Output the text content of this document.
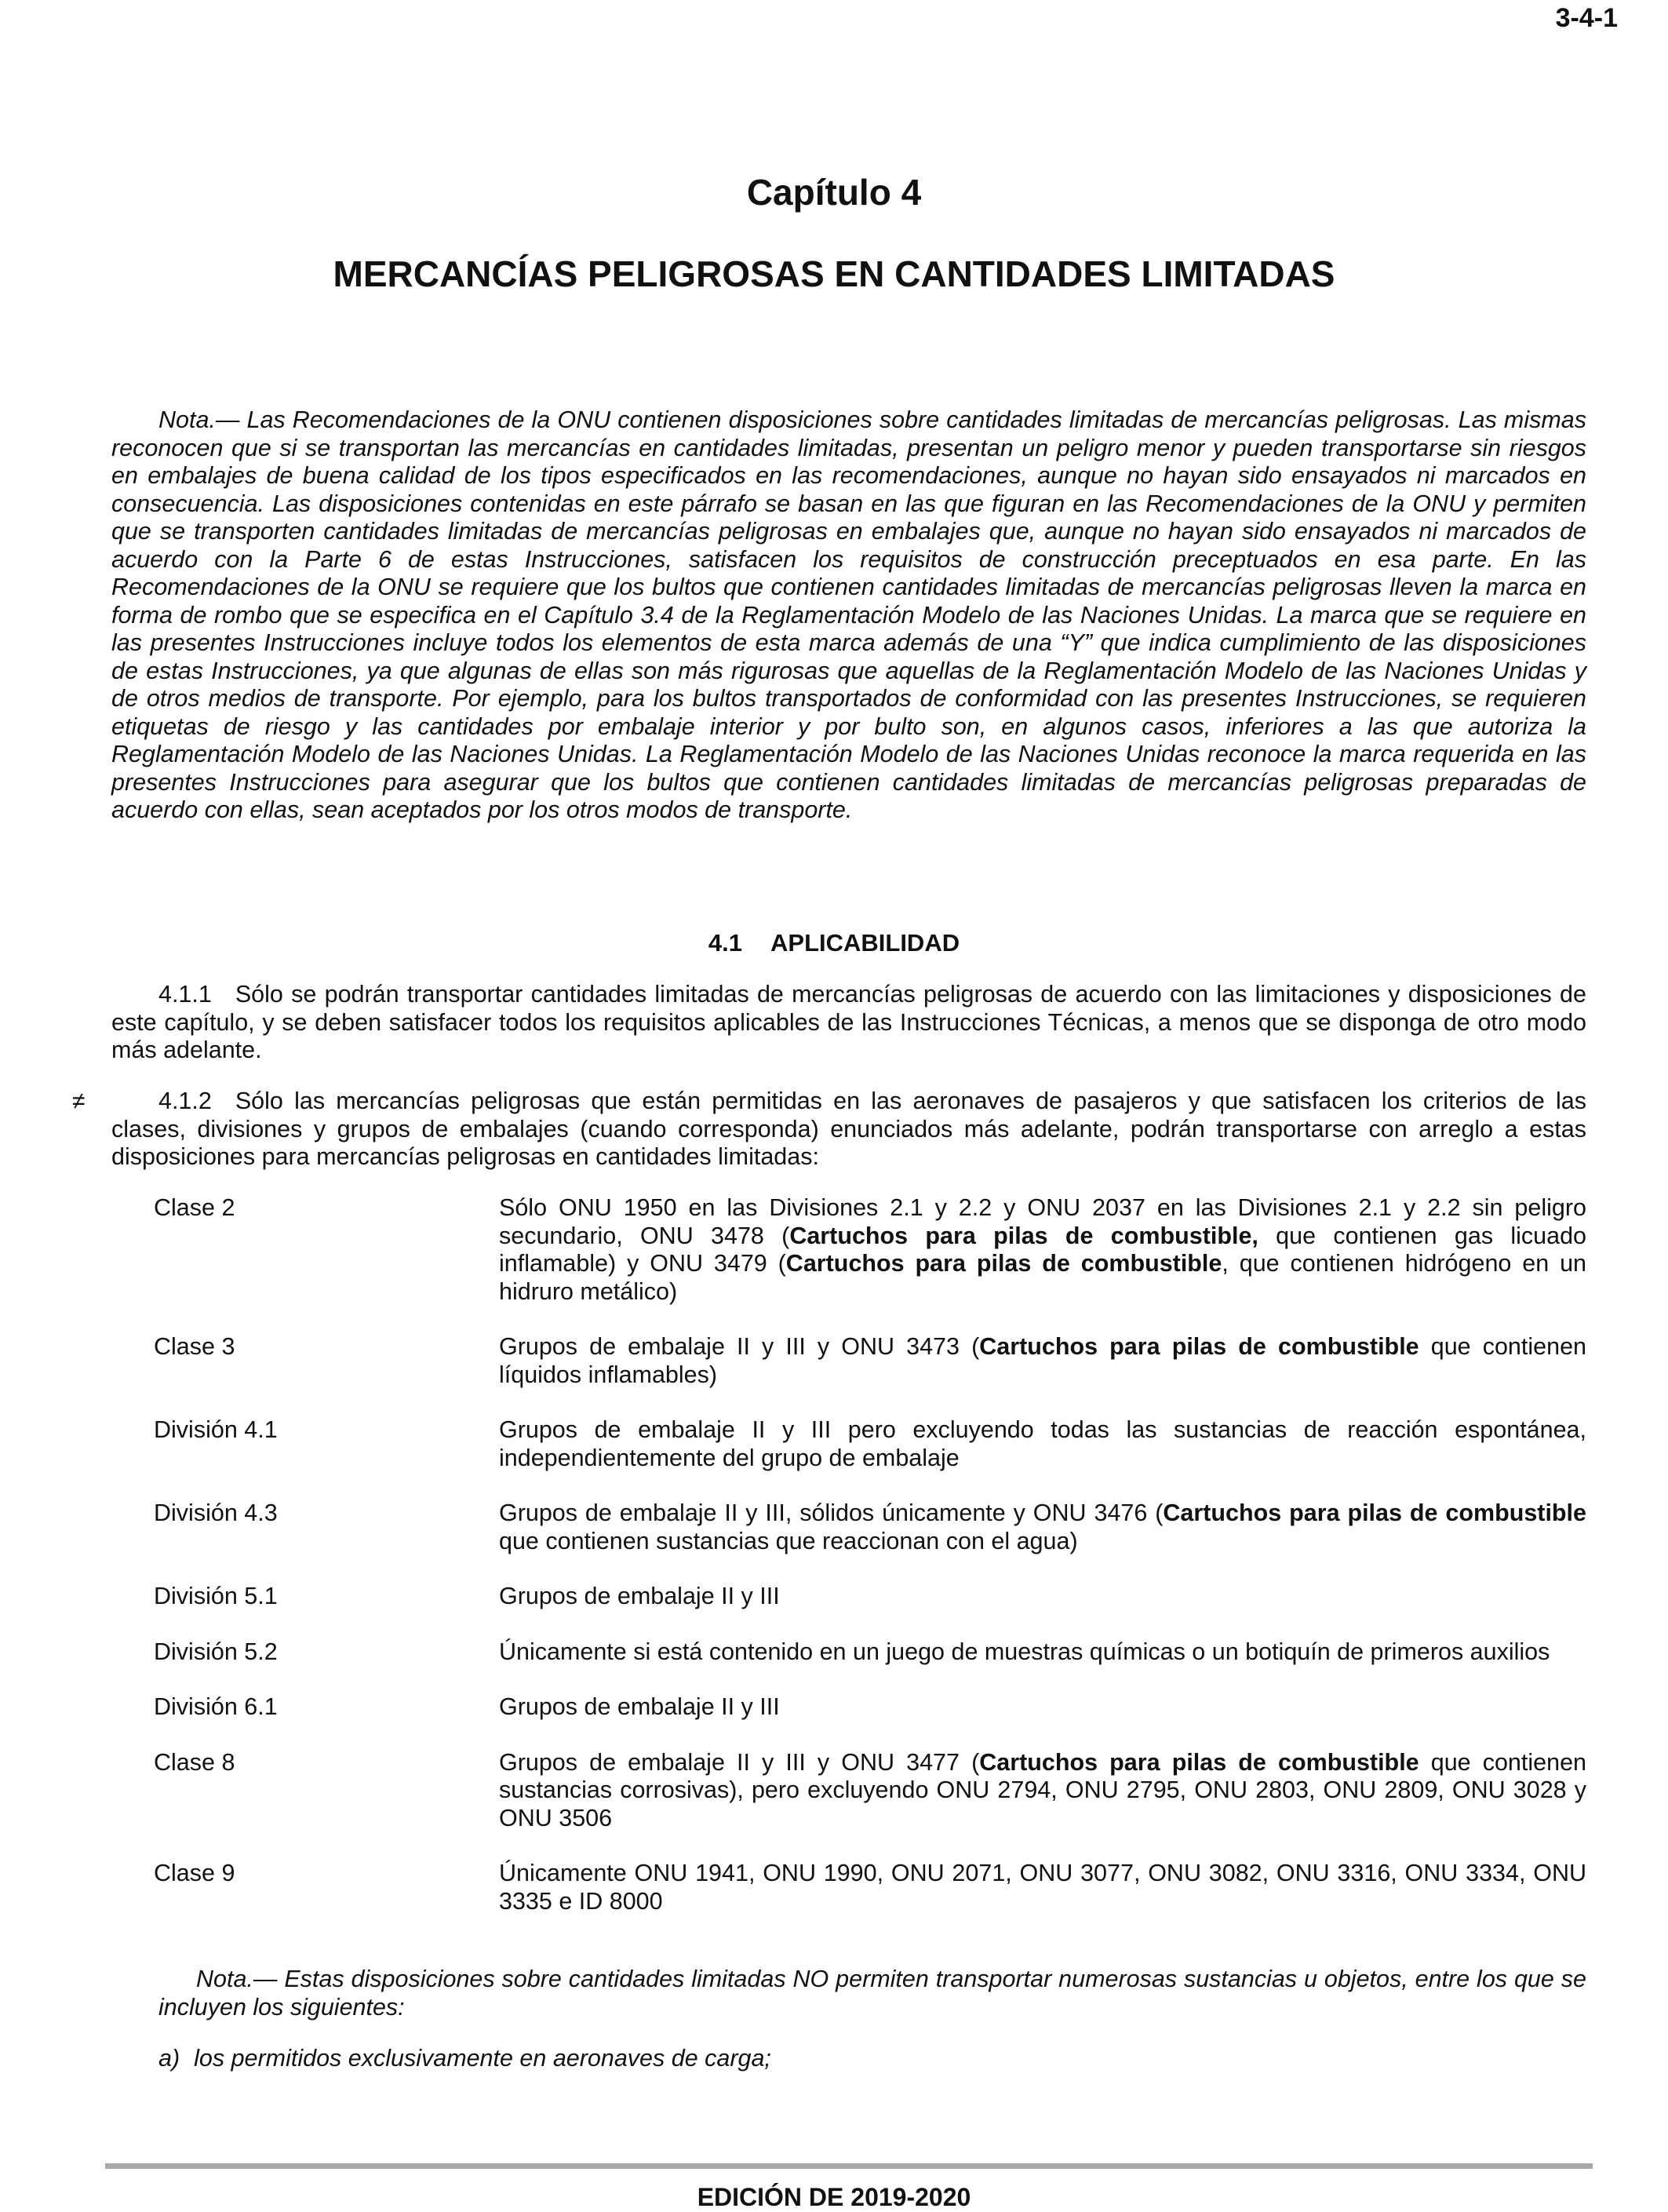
3-4-1
Capítulo 4
MERCANCÍAS PELIGROSAS EN CANTIDADES LIMITADAS
Nota.— Las Recomendaciones de la ONU contienen disposiciones sobre cantidades limitadas de mercancías peligrosas. Las mismas reconocen que si se transportan las mercancías en cantidades limitadas, presentan un peligro menor y pueden transportarse sin riesgos en embalajes de buena calidad de los tipos especificados en las recomendaciones, aunque no hayan sido ensayados ni marcados en consecuencia. Las disposiciones contenidas en este párrafo se basan en las que figuran en las Recomendaciones de la ONU y permiten que se transporten cantidades limitadas de mercancías peligrosas en embalajes que, aunque no hayan sido ensayados ni marcados de acuerdo con la Parte 6 de estas Instrucciones, satisfacen los requisitos de construcción preceptuados en esa parte. En las Recomendaciones de la ONU se requiere que los bultos que contienen cantidades limitadas de mercancías peligrosas lleven la marca en forma de rombo que se especifica en el Capítulo 3.4 de la Reglamentación Modelo de las Naciones Unidas. La marca que se requiere en las presentes Instrucciones incluye todos los elementos de esta marca además de una “Y” que indica cumplimiento de las disposiciones de estas Instrucciones, ya que algunas de ellas son más rigurosas que aquellas de la Reglamentación Modelo de las Naciones Unidas y de otros medios de transporte. Por ejemplo, para los bultos transportados de conformidad con las presentes Instrucciones, se requieren etiquetas de riesgo y las cantidades por embalaje interior y por bulto son, en algunos casos, inferiores a las que autoriza la Reglamentación Modelo de las Naciones Unidas. La Reglamentación Modelo de las Naciones Unidas reconoce la marca requerida en las presentes Instrucciones para asegurar que los bultos que contienen cantidades limitadas de mercancías peligrosas preparadas de acuerdo con ellas, sean aceptados por los otros modos de transporte.
4.1 APLICABILIDAD
4.1.1 Sólo se podrán transportar cantidades limitadas de mercancías peligrosas de acuerdo con las limitaciones y disposiciones de este capítulo, y se deben satisfacer todos los requisitos aplicables de las Instrucciones Técnicas, a menos que se disponga de otro modo más adelante.
≠	4.1.2 Sólo las mercancías peligrosas que están permitidas en las aeronaves de pasajeros y que satisfacen los criterios de las clases, divisiones y grupos de embalajes (cuando corresponda) enunciados más adelante, podrán transportarse con arreglo a estas disposiciones para mercancías peligrosas en cantidades limitadas:
Clase 2	Sólo ONU 1950 en las Divisiones 2.1 y 2.2 y ONU 2037 en las Divisiones 2.1 y 2.2 sin peligro secundario, ONU 3478 (Cartuchos para pilas de combustible, que contienen gas licuado inflamable) y ONU 3479 (Cartuchos para pilas de combustible, que contienen hidrógeno en un hidruro metálico)
Clase 3	Grupos de embalaje II y III y ONU 3473 (Cartuchos para pilas de combustible que contienen líquidos inflamables)
División 4.1	Grupos de embalaje II y III pero excluyendo todas las sustancias de reacción espontánea, independientemente del grupo de embalaje
División 4.3	Grupos de embalaje II y III, sólidos únicamente y ONU 3476 (Cartuchos para pilas de combustible que contienen sustancias que reaccionan con el agua)
División 5.1	Grupos de embalaje II y III
División 5.2	Únicamente si está contenido en un juego de muestras químicas o un botiquín de primeros auxilios
División 6.1	Grupos de embalaje II y III
Clase 8	Grupos de embalaje II y III y ONU 3477 (Cartuchos para pilas de combustible que contienen sustancias corrosivas), pero excluyendo ONU 2794, ONU 2795, ONU 2803, ONU 2809, ONU 3028 y ONU 3506
Clase 9	Únicamente ONU 1941, ONU 1990, ONU 2071, ONU 3077, ONU 3082, ONU 3316, ONU 3334, ONU 3335 e ID 8000
Nota.— Estas disposiciones sobre cantidades limitadas NO permiten transportar numerosas sustancias u objetos, entre los que se incluyen los siguientes:
a) los permitidos exclusivamente en aeronaves de carga;
EDICIÓN DE 2019-2020
